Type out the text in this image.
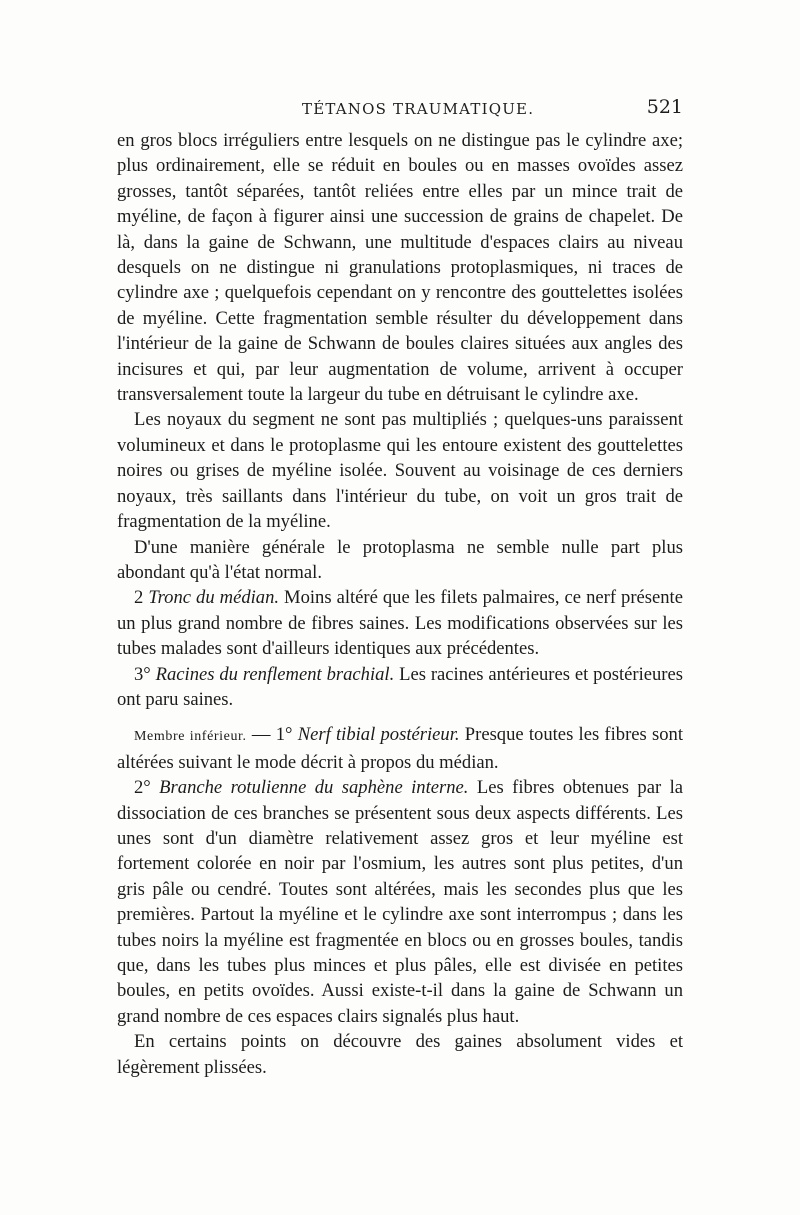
TÉTANOS TRAUMATIQUE.	521

en gros blocs irréguliers entre lesquels on ne distingue pas le cylindre axe; plus ordinairement, elle se réduit en boules ou en masses ovoïdes assez grosses, tantôt séparées, tantôt reliées entre elles par un mince trait de myéline, de façon à figurer ainsi une succession de grains de chapelet. De là, dans la gaine de Schwann, une multitude d'espaces clairs au niveau desquels on ne distingue ni granulations protoplasmiques, ni traces de cylindre axe ; quelquefois cependant on y rencontre des gouttelettes isolées de myéline. Cette fragmentation semble résulter du développement dans l'intérieur de la gaine de Schwann de boules claires situées aux angles des incisures et qui, par leur augmentation de volume, arrivent à occuper transversalement toute la largeur du tube en détruisant le cylindre axe.

Les noyaux du segment ne sont pas multipliés ; quelques-uns paraissent volumineux et dans le protoplasme qui les entoure existent des gouttelettes noires ou grises de myéline isolée. Souvent au voisinage de ces derniers noyaux, très saillants dans l'intérieur du tube, on voit un gros trait de fragmentation de la myéline.

D'une manière générale le protoplasma ne semble nulle part plus abondant qu'à l'état normal.

2 Tronc du médian. Moins altéré que les filets palmaires, ce nerf présente un plus grand nombre de fibres saines. Les modifications observées sur les tubes malades sont d'ailleurs identiques aux précédentes.

3° Racines du renflement brachial. Les racines antérieures et postérieures ont paru saines.

Membre inférieur. — 1° Nerf tibial postérieur. Presque toutes les fibres sont altérées suivant le mode décrit à propos du médian.

2° Branche rotulienne du saphène interne. Les fibres obtenues par la dissociation de ces branches se présentent sous deux aspects différents. Les unes sont d'un diamètre relativement assez gros et leur myéline est fortement colorée en noir par l'osmium, les autres sont plus petites, d'un gris pâle ou cendré. Toutes sont altérées, mais les secondes plus que les premières. Partout la myéline et le cylindre axe sont interrompus ; dans les tubes noirs la myéline est fragmentée en blocs ou en grosses boules, tandis que, dans les tubes plus minces et plus pâles, elle est divisée en petites boules, en petits ovoïdes. Aussi existe-t-il dans la gaine de Schwann un grand nombre de ces espaces clairs signalés plus haut.

En certains points on découvre des gaines absolument vides et légèrement plissées.
